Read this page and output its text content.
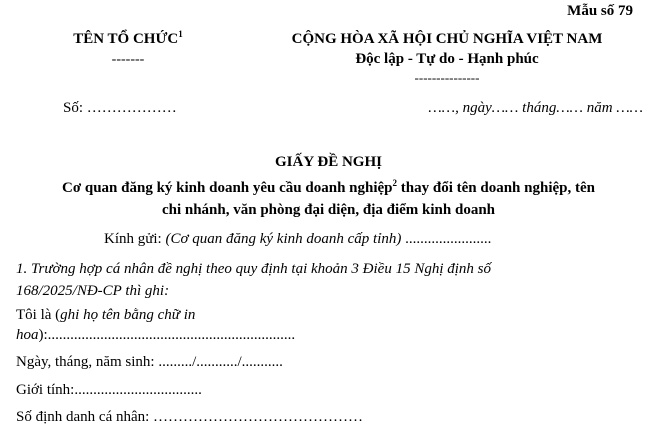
Mẫu số 79
TÊN TỔ CHỨC$^1$
-------
CỘNG HÒA XÃ HỘI CHỦ NGHĨA VIỆT NAM
Độc lập - Tự do - Hạnh phúc
---------------
Số: ………………	……, ngày…… tháng…… năm ……
GIẤY ĐỀ NGHỊ
Cơ quan đăng ký kinh doanh yêu cầu doanh nghiệp$^2$ thay đổi tên doanh nghiệp, tên
chi nhánh, văn phòng đại diện, địa điểm kinh doanh
Kính gửi: (Cơ quan đăng ký kinh doanh cấp tỉnh) .......................
1. Trường hợp cá nhân đề nghị theo quy định tại khoản 3 Điều 15 Nghị định số
168/2025/NĐ-CP thì ghi:
Tôi là (ghi họ tên bằng chữ in
hoa):..................................................................
Ngày, tháng, năm sinh: ........./.........../...........
Giới tính:..................................
Số định danh cá nhân: ……………………………………
